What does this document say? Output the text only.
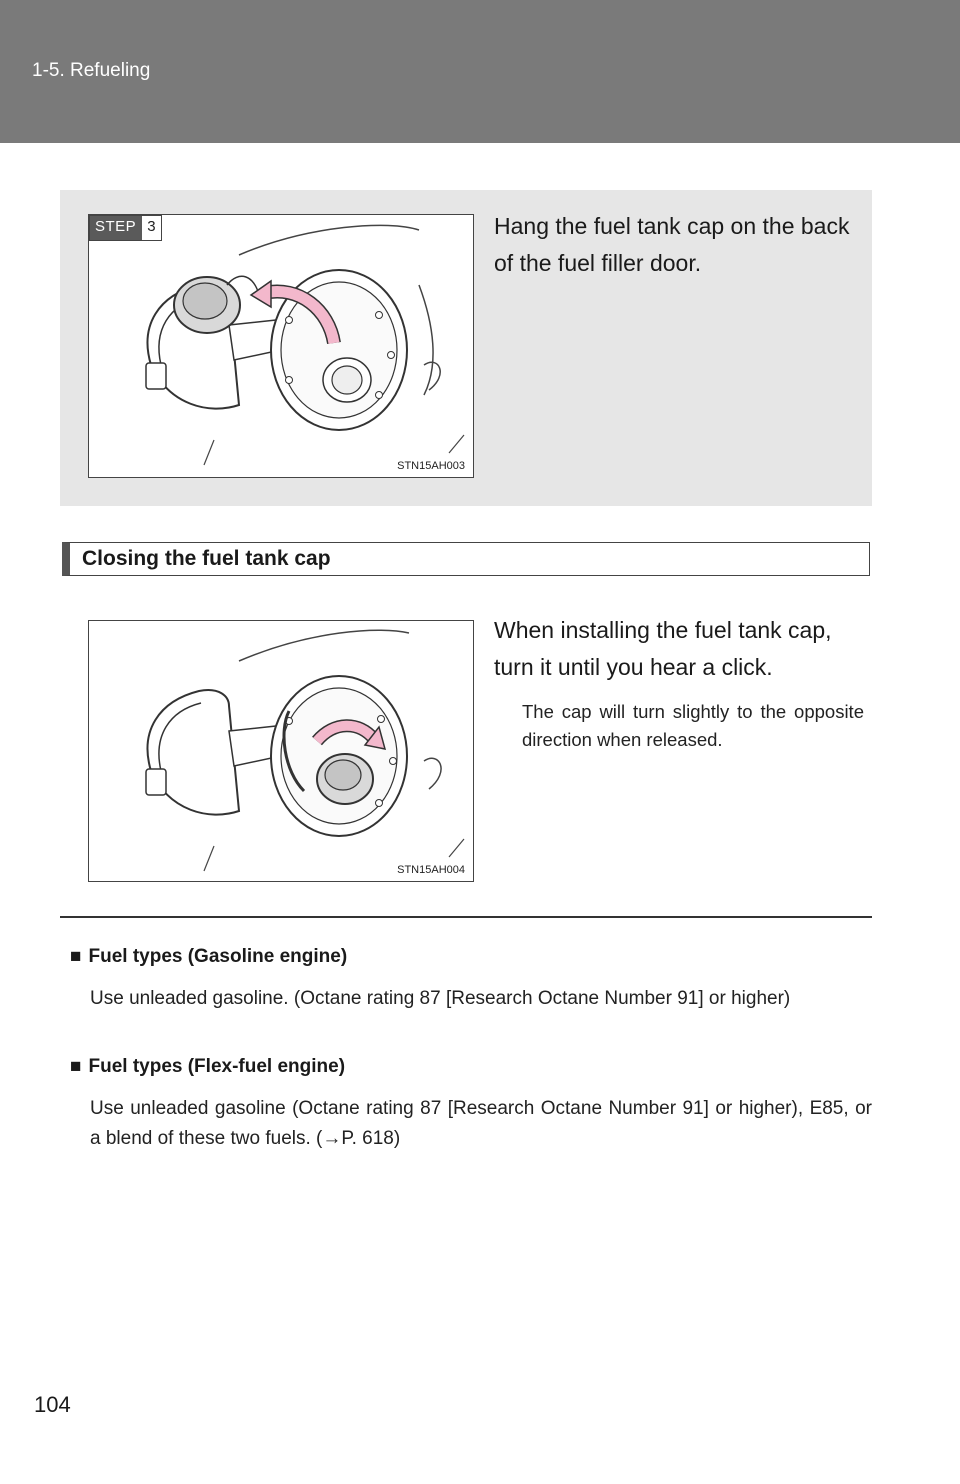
1-5. Refueling
STEP 3
STN15AH003
Hang the fuel tank cap on the back of the fuel filler door.
Closing the fuel tank cap
STN15AH004
When installing the fuel tank cap, turn it until you hear a click.
The cap will turn slightly to the opposite direction when released.
■ Fuel types (Gasoline engine)
Use unleaded gasoline. (Octane rating 87 [Research Octane Number 91] or higher)
■ Fuel types (Flex-fuel engine)
Use unleaded gasoline (Octane rating 87 [Research Octane Number 91] or higher), E85, or a blend of these two fuels. (→P. 618)
104
